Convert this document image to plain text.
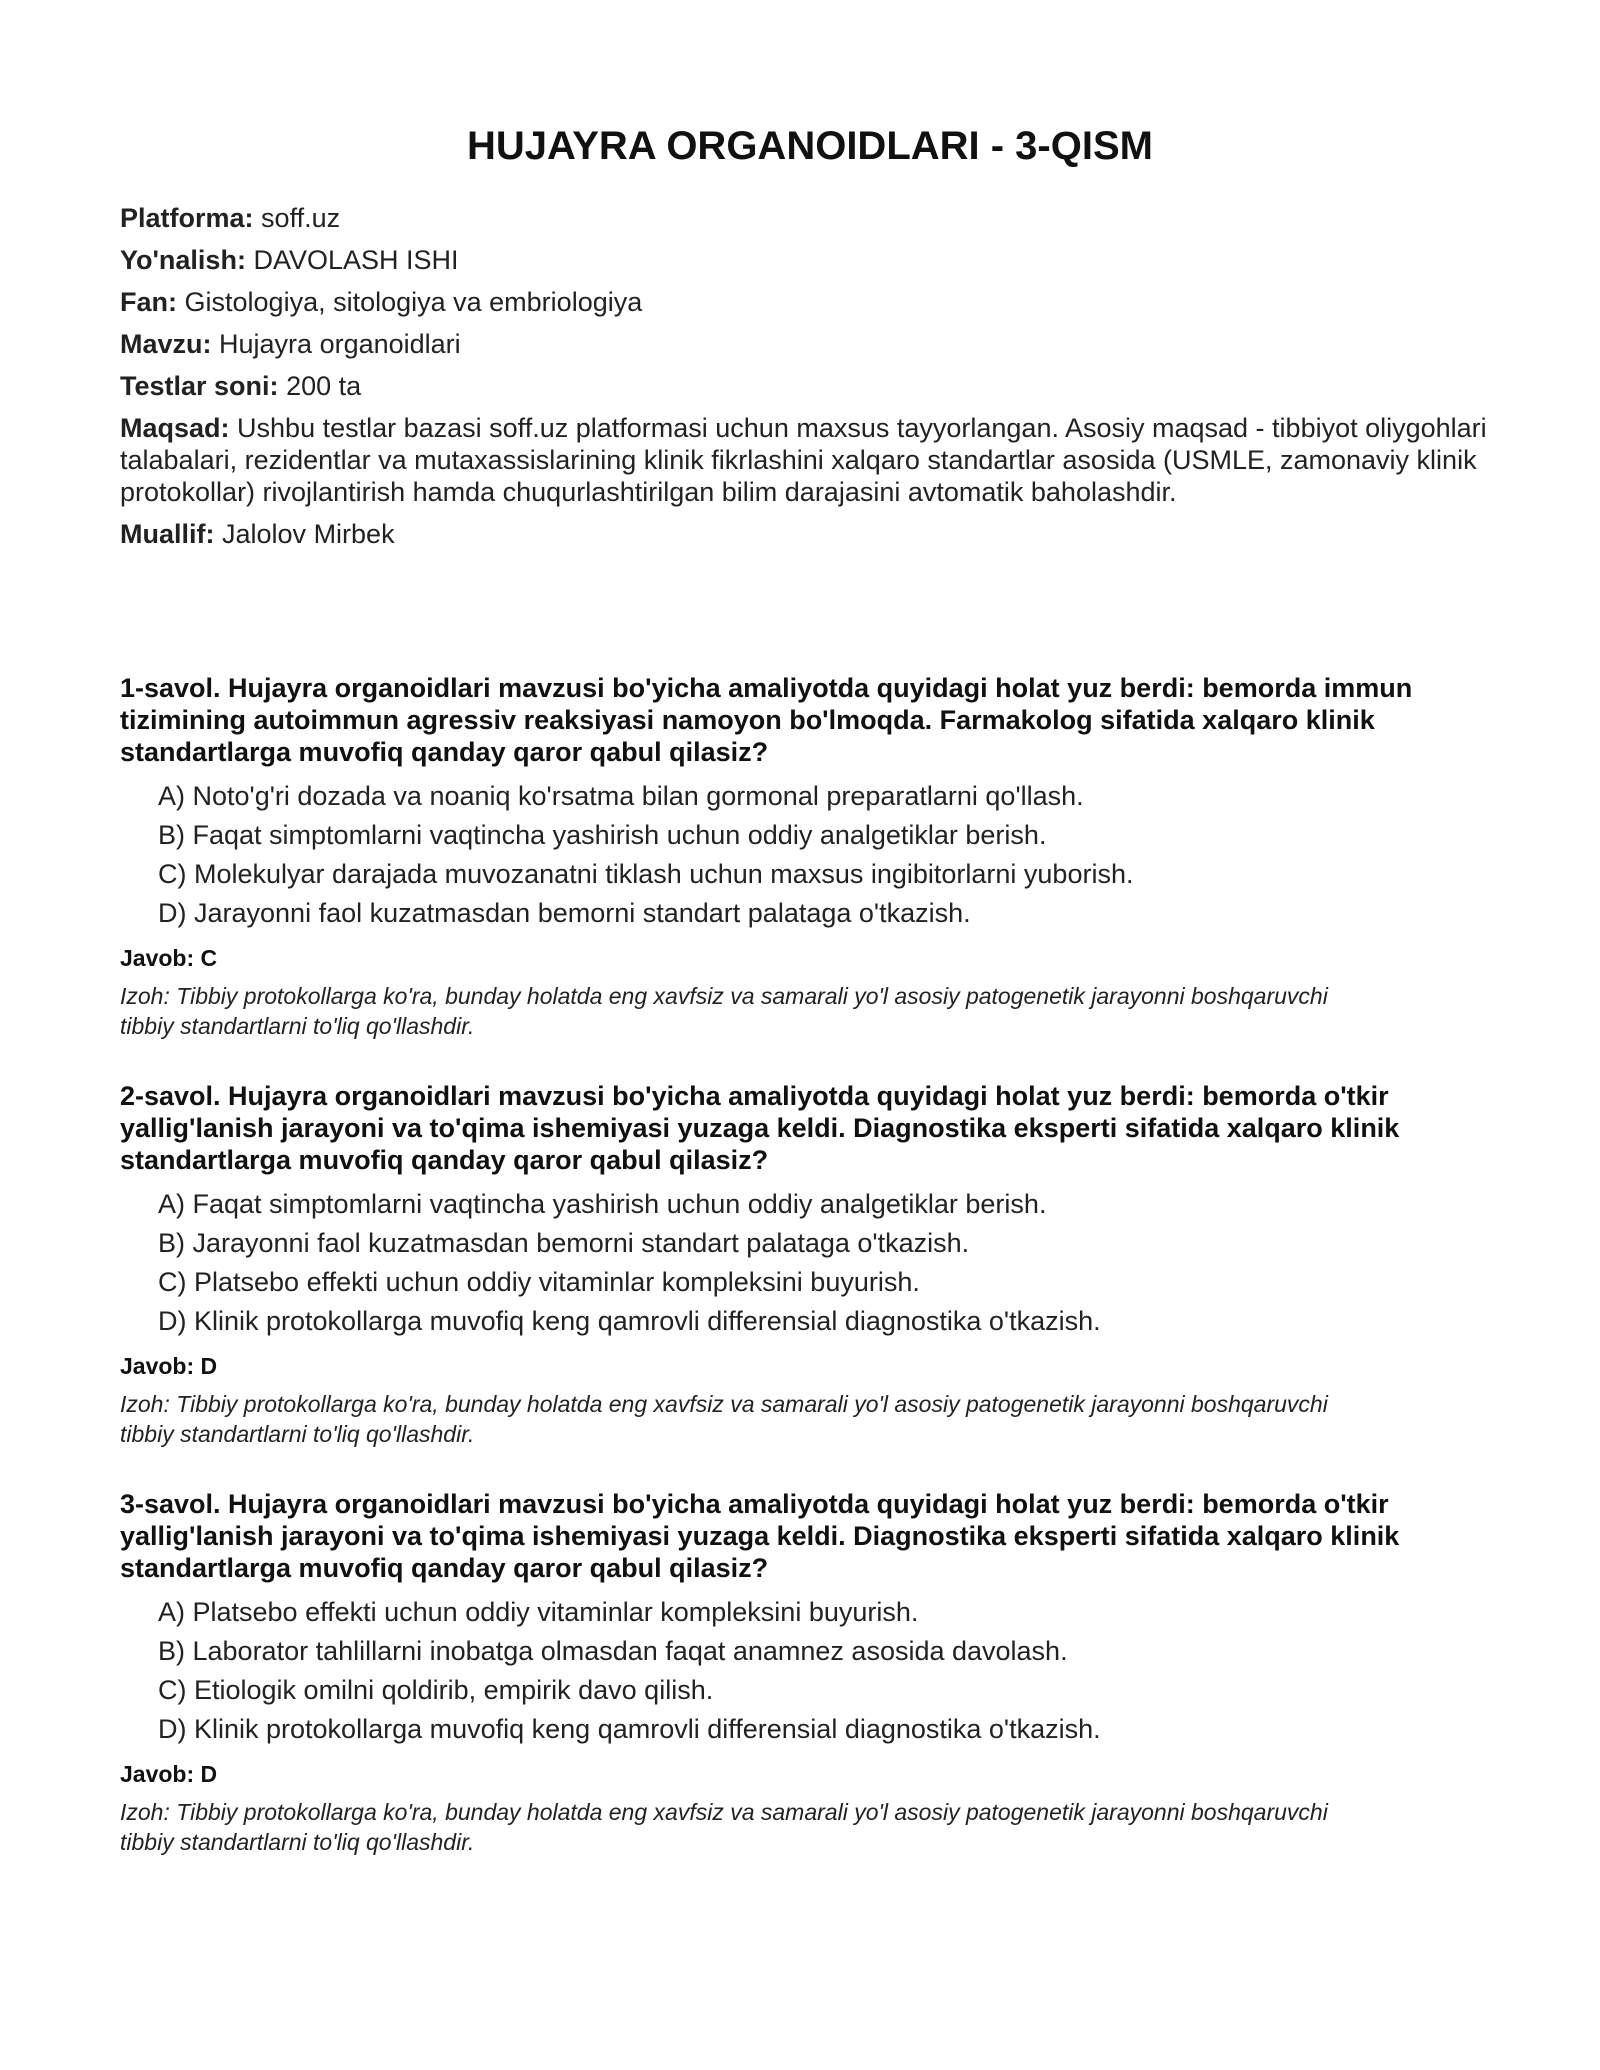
HUJAYRA ORGANOIDLARI - 3-QISM

Platforma: soff.uz

Yo'nalish: DAVOLASH ISHI

Fan: Gistologiya, sitologiya va embriologiya

Mavzu: Hujayra organoidlari

Testlar soni: 200 ta

Maqsad: Ushbu testlar bazasi soff.uz platformasi uchun maxsus tayyorlangan. Asosiy maqsad - tibbiyot oliygohlari talabalari, rezidentlar va mutaxassislarining klinik fikrlashini xalqaro standartlar asosida (USMLE, zamonaviy klinik protokollar) rivojlantirish hamda chuqurlashtirilgan bilim darajasini avtomatik baholashdir.

Muallif: Jalolov Mirbek

1-savol. Hujayra organoidlari mavzusi bo'yicha amaliyotda quyidagi holat yuz berdi: bemorda immun tizimining autoimmun agressiv reaksiyasi namoyon bo'lmoqda. Farmakolog sifatida xalqaro klinik standartlarga muvofiq qanday qaror qabul qilasiz?

A) Noto'g'ri dozada va noaniq ko'rsatma bilan gormonal preparatlarni qo'llash.
B) Faqat simptomlarni vaqtincha yashirish uchun oddiy analgetiklar berish.
C) Molekulyar darajada muvozanatni tiklash uchun maxsus ingibitorlarni yuborish.
D) Jarayonni faol kuzatmasdan bemorni standart palataga o'tkazish.

Javob: C

Izoh: Tibbiy protokollarga ko'ra, bunday holatda eng xavfsiz va samarali yo'l asosiy patogenetik jarayonni boshqaruvchi tibbiy standartlarni to'liq qo'llashdir.

2-savol. Hujayra organoidlari mavzusi bo'yicha amaliyotda quyidagi holat yuz berdi: bemorda o'tkir yallig'lanish jarayoni va to'qima ishemiyasi yuzaga keldi. Diagnostika eksperti sifatida xalqaro klinik standartlarga muvofiq qanday qaror qabul qilasiz?

A) Faqat simptomlarni vaqtincha yashirish uchun oddiy analgetiklar berish.
B) Jarayonni faol kuzatmasdan bemorni standart palataga o'tkazish.
C) Platsebo effekti uchun oddiy vitaminlar kompleksini buyurish.
D) Klinik protokollarga muvofiq keng qamrovli differensial diagnostika o'tkazish.

Javob: D

Izoh: Tibbiy protokollarga ko'ra, bunday holatda eng xavfsiz va samarali yo'l asosiy patogenetik jarayonni boshqaruvchi tibbiy standartlarni to'liq qo'llashdir.

3-savol. Hujayra organoidlari mavzusi bo'yicha amaliyotda quyidagi holat yuz berdi: bemorda o'tkir yallig'lanish jarayoni va to'qima ishemiyasi yuzaga keldi. Diagnostika eksperti sifatida xalqaro klinik standartlarga muvofiq qanday qaror qabul qilasiz?

A) Platsebo effekti uchun oddiy vitaminlar kompleksini buyurish.
B) Laborator tahlillarni inobatga olmasdan faqat anamnez asosida davolash.
C) Etiologik omilni qoldirib, empirik davo qilish.
D) Klinik protokollarga muvofiq keng qamrovli differensial diagnostika o'tkazish.

Javob: D

Izoh: Tibbiy protokollarga ko'ra, bunday holatda eng xavfsiz va samarali yo'l asosiy patogenetik jarayonni boshqaruvchi tibbiy standartlarni to'liq qo'llashdir.
